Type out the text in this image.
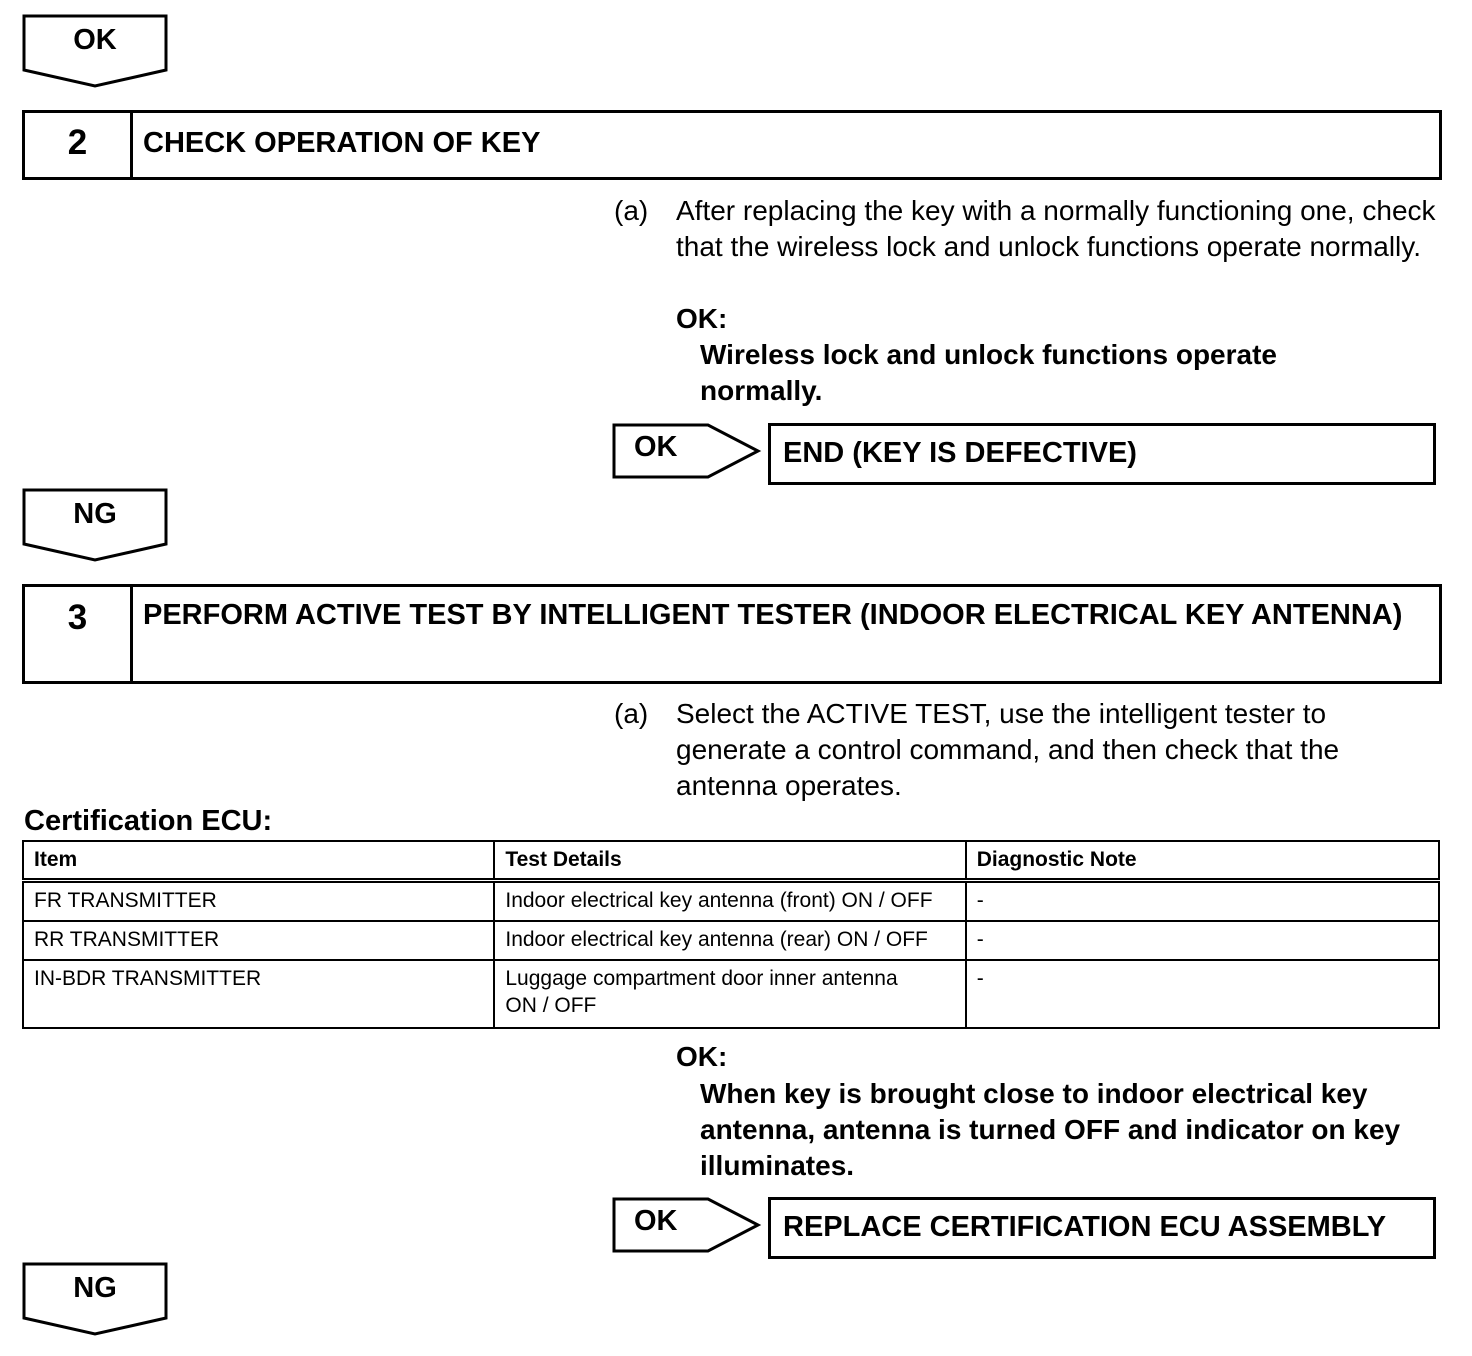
OK
2	CHECK OPERATION OF KEY
(a) After replacing the key with a normally functioning one, check that the wireless lock and unlock functions operate normally.
OK:
Wireless lock and unlock functions operate normally.
OK	END (KEY IS DEFECTIVE)
NG
3	PERFORM ACTIVE TEST BY INTELLIGENT TESTER (INDOOR ELECTRICAL KEY ANTENNA)
(a) Select the ACTIVE TEST, use the intelligent tester to generate a control command, and then check that the antenna operates.
Certification ECU:
Item	Test Details	Diagnostic Note
FR TRANSMITTER	Indoor electrical key antenna (front) ON / OFF	-
RR TRANSMITTER	Indoor electrical key antenna (rear) ON / OFF	-
IN-BDR TRANSMITTER	Luggage compartment door inner antenna ON / OFF	-
OK:
When key is brought close to indoor electrical key antenna, antenna is turned OFF and indicator on key illuminates.
OK	REPLACE CERTIFICATION ECU ASSEMBLY
NG
